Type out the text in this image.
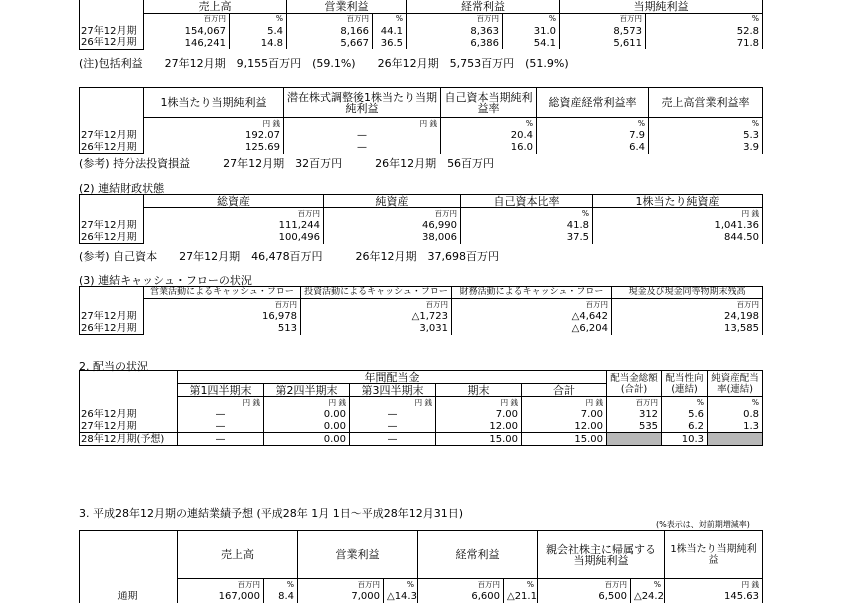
	売上高		営業利益		経常利益		当期純利益	
	百万円	%	百万円	%	百万円	%	百万円	%
27年12月期	154,067	5.4	8,166	44.1	8,363	31.0	8,573	52.8
26年12月期	146,241	14.8	5,667	36.5	6,386	54.1	5,611	71.8
(注)包括利益　　27年12月期　9,155百万円　(59.1%)　　26年12月期　5,753百万円　(51.9%)
	1株当たり当期純利益	潜在株式調整後1株当たり当期純利益	自己資本当期純利益率	総資産経常利益率	売上高営業利益率
	円 銭	円 銭	%	%	%
27年12月期	192.07	—	20.4	7.9	5.3
26年12月期	125.69	—	16.0	6.4	3.9
(参考) 持分法投資損益　　　27年12月期　32百万円　　　26年12月期　56百万円
(2) 連結財政状態
	総資産	純資産	自己資本比率	1株当たり純資産
	百万円	百万円	%	円 銭
27年12月期	111,244	46,990	41.8	1,041.36
26年12月期	100,496	38,006	37.5	844.50
(参考) 自己資本　　27年12月期　46,478百万円　　　26年12月期　37,698百万円
(3) 連結キャッシュ・フローの状況
	営業活動によるキャッシュ・フロー	投資活動によるキャッシュ・フロー	財務活動によるキャッシュ・フロー	現金及び現金同等物期末残高
	百万円	百万円	百万円	百万円
27年12月期	16,978	△1,723	△4,642	24,198
26年12月期	513	3,031	△6,204	13,585
2. 配当の状況
	年間配当金					配当金総額(合計)	配当性向(連結)	純資産配当率(連結)
	第1四半期末	第2四半期末	第3四半期末	期末	合計			
	円 銭	円 銭	円 銭	円 銭	円 銭	百万円	%	%
26年12月期	—	0.00	—	7.00	7.00	312	5.6	0.8
27年12月期	—	0.00	—	12.00	12.00	535	6.2	1.3
28年12月期(予想)	—	0.00	—	15.00	15.00		10.3	
3. 平成28年12月期の連結業績予想 (平成28年 1月 1日～平成28年12月31日)
(%表示は、対前期増減率)
	売上高		営業利益		経常利益		親会社株主に帰属する当期純利益		1株当たり当期純利益
	百万円	%	百万円	%	百万円	%	百万円	%	円 銭
通期	167,000	8.4	7,000	△14.3	6,600	△21.1	6,500	△24.2	145.63
